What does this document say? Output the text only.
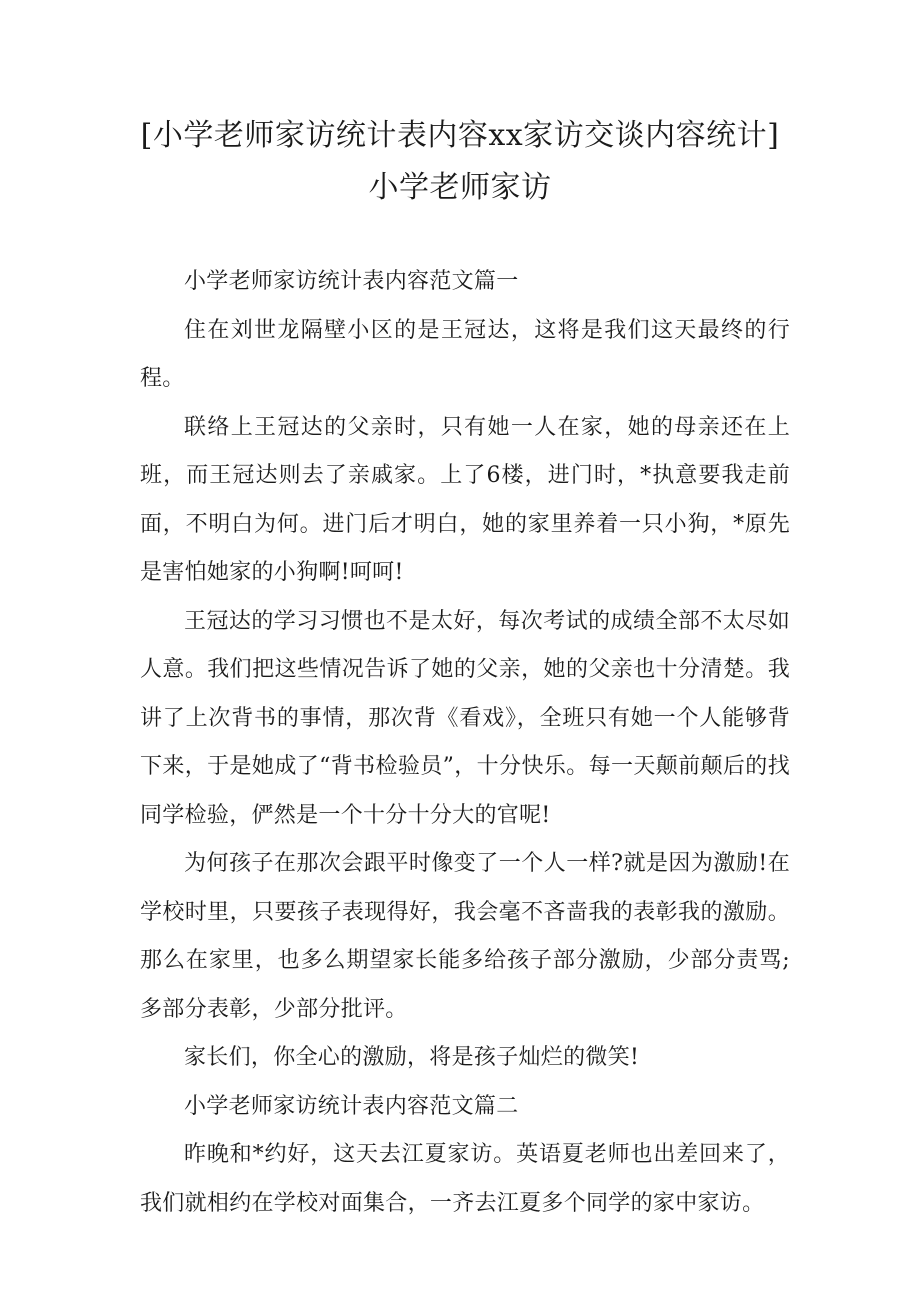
[小学老师家访统计表内容xx家访交谈内容统计] 小学老师家访

小学老师家访统计表内容范文篇一

住在刘世龙隔壁小区的是王冠达，这将是我们这天最终的行程。

联络上王冠达的父亲时，只有她一人在家，她的母亲还在上班，而王冠达则去了亲戚家。上了6楼，进门时，*执意要我走前面，不明白为何。进门后才明白，她的家里养着一只小狗，*原先是害怕她家的小狗啊!呵呵!

王冠达的学习习惯也不是太好，每次考试的成绩全部不太尽如人意。我们把这些情况告诉了她的父亲，她的父亲也十分清楚。我讲了上次背书的事情，那次背《看戏》，全班只有她一个人能够背下来，于是她成了“背书检验员”，十分快乐。每一天颠前颠后的找同学检验，俨然是一个十分十分大的官呢!

为何孩子在那次会跟平时像变了一个人一样?就是因为激励!在学校时里，只要孩子表现得好，我会毫不吝啬我的表彰我的激励。那么在家里，也多么期望家长能多给孩子部分激励，少部分责骂;多部分表彰，少部分批评。

家长们，你全心的激励，将是孩子灿烂的微笑!

小学老师家访统计表内容范文篇二

昨晚和*约好，这天去江夏家访。英语夏老师也出差回来了，我们就相约在学校对面集合，一齐去江夏多个同学的家中家访。
